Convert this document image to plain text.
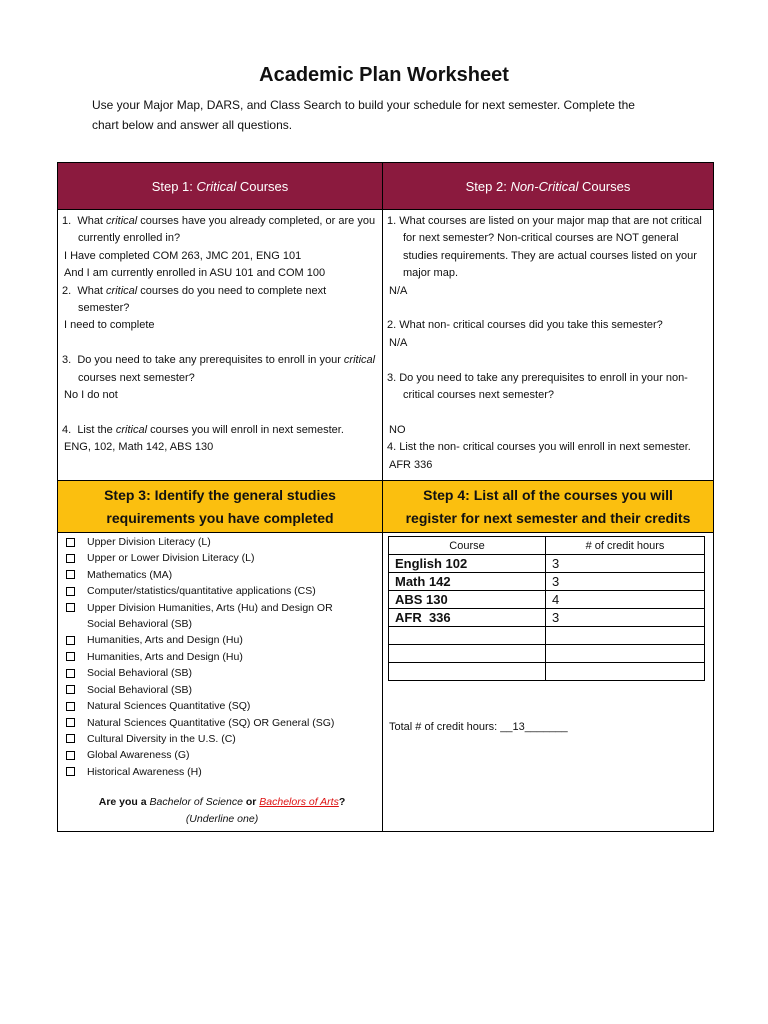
Academic Plan Worksheet
Use your Major Map, DARS, and Class Search to build your schedule for next semester. Complete the
chart below and answer all questions.
Step 1: Critical Courses	Step 2: Non-Critical Courses

1. What critical courses have you already completed, or are you currently enrolled in?
I Have completed COM 263, JMC 201, ENG 101
And I am currently enrolled in ASU 101 and COM 100
2. What critical courses do you need to complete next semester?
I need to complete
3. Do you need to take any prerequisites to enroll in your critical courses next semester?
No I do not
4. List the critical courses you will enroll in next semester.
ENG, 102, Math 142, ABS 130

1. What courses are listed on your major map that are not critical for next semester? Non-critical courses are NOT general studies requirements. They are actual courses listed on your major map.
N/A
2. What non- critical courses did you take this semester?
N/A
3. Do you need to take any prerequisites to enroll in your non- critical courses next semester?
NO
4. List the non- critical courses you will enroll in next semester.
AFR 336

Step 3: Identify the general studies
requirements you have completed

Step 4: List all of the courses you will
register for next semester and their credits

Upper Division Literacy (L)
Upper or Lower Division Literacy (L)
Mathematics (MA)
Computer/statistics/quantitative applications (CS)
Upper Division Humanities, Arts (Hu) and Design OR
Social Behavioral (SB)
Humanities, Arts and Design (Hu)
Humanities, Arts and Design (Hu)
Social Behavioral (SB)
Social Behavioral (SB)
Natural Sciences Quantitative (SQ)
Natural Sciences Quantitative (SQ) OR General (SG)
Cultural Diversity in the U.S. (C)
Global Awareness (G)
Historical Awareness (H)
Are you a Bachelor of Science or Bachelors of Arts?
(Underline one)

Course	# of credit hours
English 102	3
Math 142	3
ABS 130	4
AFR  336	3

Total # of credit hours: __13_______
